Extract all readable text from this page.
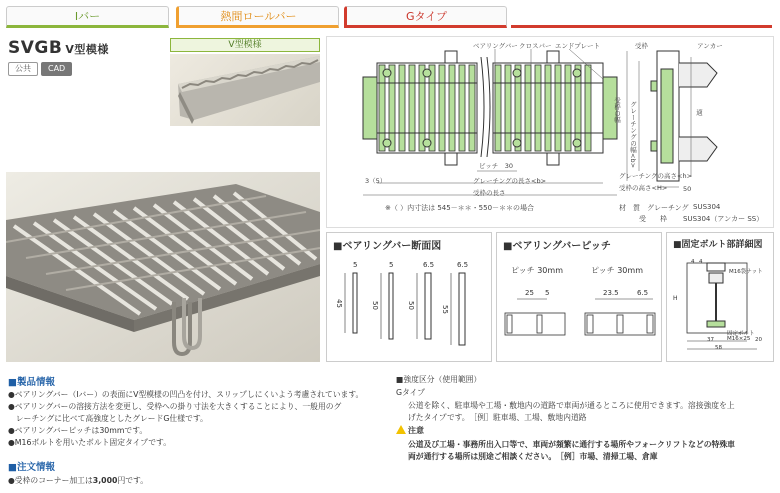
Iバー	熱間ロールバー	Gタイプ
SVGB V型模様
公共	CAD
V型模様	ベアリングバー クロスバー エンドプレート
ピッチ　30
グレーチングの長さ<b>
受枠の長さ
3（5）
受枠	アンカー
グレーチングの高さ<h>
受枠の高さ<H>
受枠の幅 グレーチングの幅<b>	適
50
※（ ）内寸法は 545－＊＊・550－＊＊の場合	材　質　グレーチング SUS304
受　　枠 SUS304（アンカー SS）
■ベアリングバー断面図
5	5	6.5	6.5
45	50	50	55
■ベアリングバーピッチ
ピッチ 30mm	ピッチ 30mm
25 5	23.5	6.5
■固定ボルト部詳細図
4 4
M16袋ナット
H
固定ボルト
M16×25
37
58
20
■製品情報
●ベアリングバー（Iバー）の表面にV型模様の凹凸を付け、スリップしにくいよう考慮されています。
●ベアリングバーの溶接方法を変更し、受枠への掛り寸法を大きくすることにより、一般用のグ
　レーチングに比べて高強度としたグレードG仕様です。
●ベアリングバーピッチは30mmです。
●M16ボルトを用いたボルト固定タイプです。
■注文情報
●受枠のコーナー加工は3,000円です。
■強度区分（使用範囲）
Gタイプ
公道を除く、駐車場や工場・敷地内の道路で車両が通るところに使用できます。溶接強度を上
げたタイプです。　［例］駐車場、工場、敷地内道路
注意
公道及び工場・事務所出入口等で、車両が頻繁に通行する場所やフォークリフトなどの特殊車
両が通行する場所は別途ご相談ください。　［例］市場、清掃工場、倉庫
